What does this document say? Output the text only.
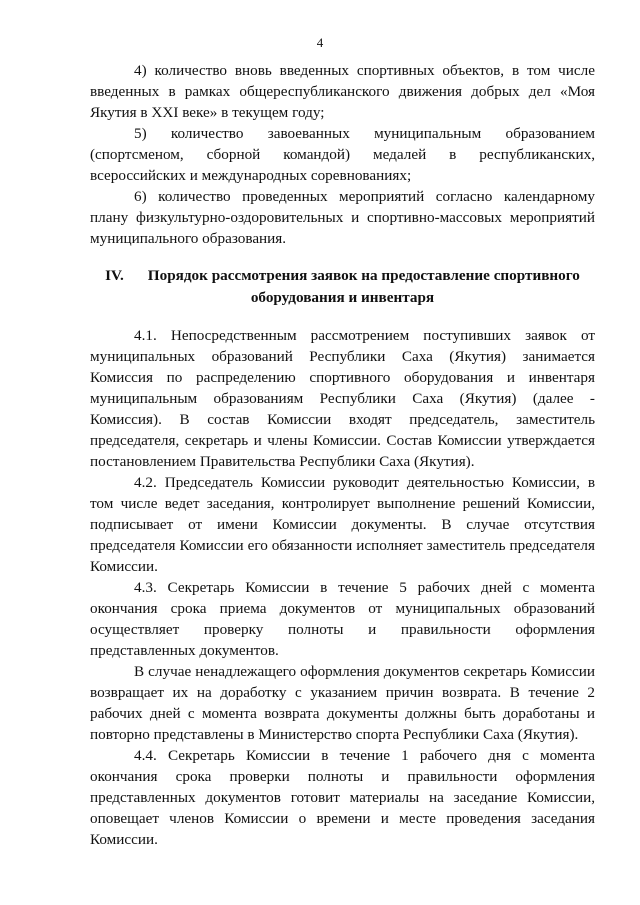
4

4) количество вновь введенных спортивных объектов, в том числе введенных в рамках общереспубликанского движения добрых дел «Моя Якутия в XXI веке» в текущем году;

5) количество завоеванных муниципальным образованием (спортсменом, сборной командой) медалей в республиканских, всероссийских и международных соревнованиях;

6) количество проведенных мероприятий согласно календарному плану физкультурно-оздоровительных и спортивно-массовых мероприятий муниципального образования.

IV. Порядок рассмотрения заявок на предоставление спортивного оборудования и инвентаря

4.1. Непосредственным рассмотрением поступивших заявок от муниципальных образований Республики Саха (Якутия) занимается Комиссия по распределению спортивного оборудования и инвентаря муниципальным образованиям Республики Саха (Якутия) (далее - Комиссия). В состав Комиссии входят председатель, заместитель председателя, секретарь и члены Комиссии. Состав Комиссии утверждается постановлением Правительства Республики Саха (Якутия).

4.2. Председатель Комиссии руководит деятельностью Комиссии, в том числе ведет заседания, контролирует выполнение решений Комиссии, подписывает от имени Комиссии документы. В случае отсутствия председателя Комиссии его обязанности исполняет заместитель председателя Комиссии.

4.3. Секретарь Комиссии в течение 5 рабочих дней с момента окончания срока приема документов от муниципальных образований осуществляет проверку полноты и правильности оформления представленных документов.

В случае ненадлежащего оформления документов секретарь Комиссии возвращает их на доработку с указанием причин возврата. В течение 2 рабочих дней с момента возврата документы должны быть доработаны и повторно представлены в Министерство спорта Республики Саха (Якутия).

4.4. Секретарь Комиссии в течение 1 рабочего дня с момента окончания срока проверки полноты и правильности оформления представленных документов готовит материалы на заседание Комиссии, оповещает членов Комиссии о времени и месте проведения заседания Комиссии.
